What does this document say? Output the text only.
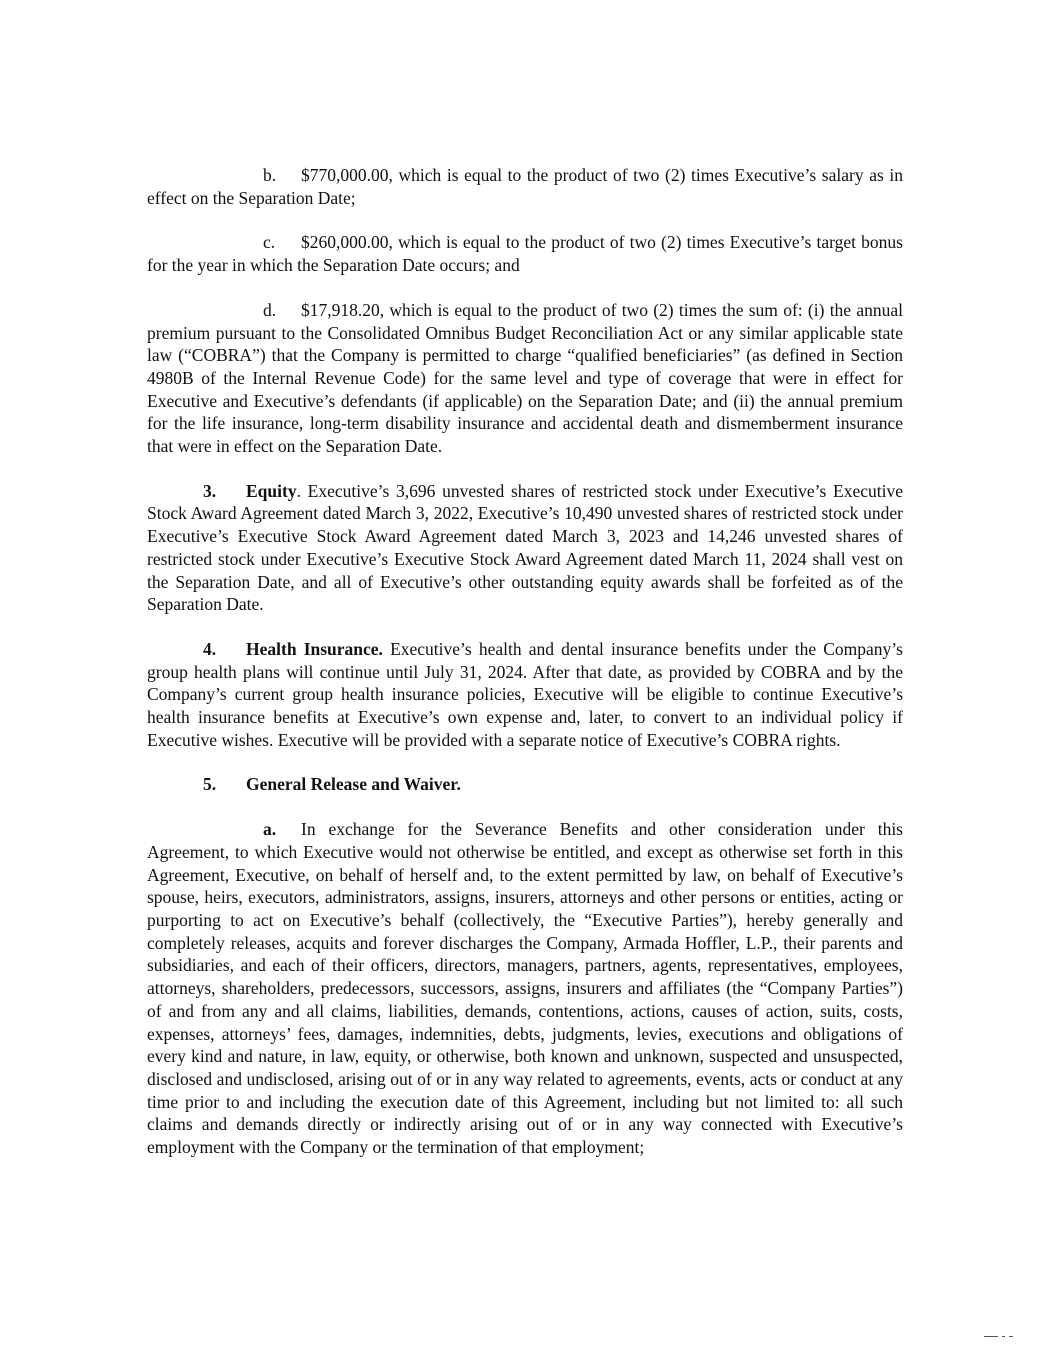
b. $770,000.00, which is equal to the product of two (2) times Executive’s salary as in effect on the Separation Date;

c. $260,000.00, which is equal to the product of two (2) times Executive’s target bonus for the year in which the Separation Date occurs; and

d. $17,918.20, which is equal to the product of two (2) times the sum of: (i) the annual premium pursuant to the Consolidated Omnibus Budget Reconciliation Act or any similar applicable state law (“COBRA”) that the Company is permitted to charge “qualified beneficiaries” (as defined in Section 4980B of the Internal Revenue Code) for the same level and type of coverage that were in effect for Executive and Executive’s defendants (if applicable) on the Separation Date; and (ii) the annual premium for the life insurance, long-term disability insurance and accidental death and dismemberment insurance that were in effect on the Separation Date.

3. Equity. Executive’s 3,696 unvested shares of restricted stock under Executive’s Executive Stock Award Agreement dated March 3, 2022, Executive’s 10,490 unvested shares of restricted stock under Executive’s Executive Stock Award Agreement dated March 3, 2023 and 14,246 unvested shares of restricted stock under Executive’s Executive Stock Award Agreement dated March 11, 2024 shall vest on the Separation Date, and all of Executive’s other outstanding equity awards shall be forfeited as of the Separation Date.

4. Health Insurance. Executive’s health and dental insurance benefits under the Company’s group health plans will continue until July 31, 2024. After that date, as provided by COBRA and by the Company’s current group health insurance policies, Executive will be eligible to continue Executive’s health insurance benefits at Executive’s own expense and, later, to convert to an individual policy if Executive wishes. Executive will be provided with a separate notice of Executive’s COBRA rights.

5. General Release and Waiver.

a. In exchange for the Severance Benefits and other consideration under this Agreement, to which Executive would not otherwise be entitled, and except as otherwise set forth in this Agreement, Executive, on behalf of herself and, to the extent permitted by law, on behalf of Executive’s spouse, heirs, executors, administrators, assigns, insurers, attorneys and other persons or entities, acting or purporting to act on Executive’s behalf (collectively, the “Executive Parties”), hereby generally and completely releases, acquits and forever discharges the Company, Armada Hoffler, L.P., their parents and subsidiaries, and each of their officers, directors, managers, partners, agents, representatives, employees, attorneys, shareholders, predecessors, successors, assigns, insurers and affiliates (the “Company Parties”) of and from any and all claims, liabilities, demands, contentions, actions, causes of action, suits, costs, expenses, attorneys’ fees, damages, indemnities, debts, judgments, levies, executions and obligations of every kind and nature, in law, equity, or otherwise, both known and unknown, suspected and unsuspected, disclosed and undisclosed, arising out of or in any way related to agreements, events, acts or conduct at any time prior to and including the execution date of this Agreement, including but not limited to: all such claims and demands directly or indirectly arising out of or in any way connected with Executive’s employment with the Company or the termination of that employment;
